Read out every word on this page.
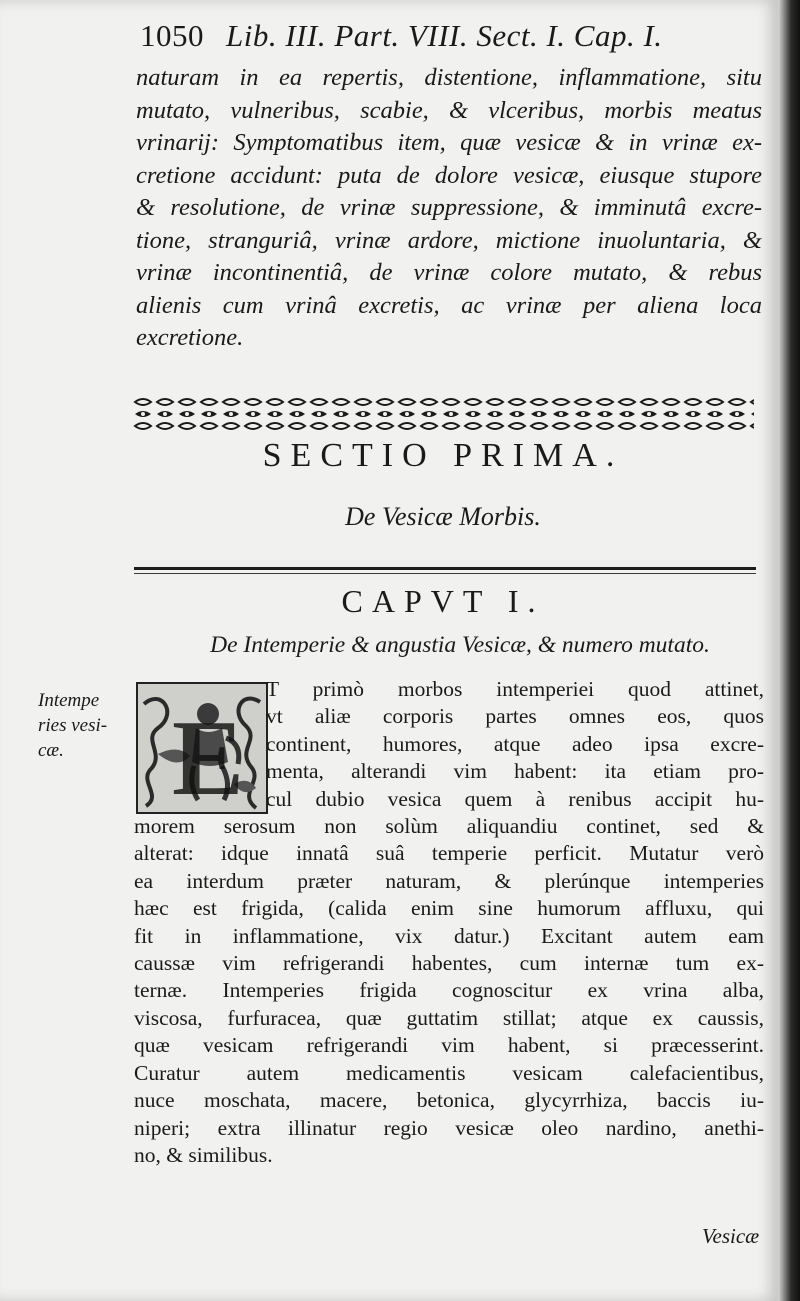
1050 Lib. III. Part. VIII. Sect. I. Cap. I.
naturam in ea repertis, distentione, inflammatione, situ
mutato, vulneribus, scabie, & vlceribus, morbis meatus
vrinarij: Symptomatibus item, quæ vesicæ & in vrinæ ex-
cretione accidunt: puta de dolore vesicæ, eiusque stupore
& resolutione, de vrinæ suppressione, & imminutâ excre-
tione, stranguriâ, vrinæ ardore, mictione inuoluntaria, &
vrinæ incontinentiâ, de vrinæ colore mutato, & rebus
alienis cum vrinâ excretis, ac vrinæ per aliena loca
excretione.
SECTIO PRIMA.
De Vesicæ Morbis.
CAPVT I.
De Intemperie & angustia Vesicæ, & numero mutato.
Intempe
ries vesi-
cæ.	E
T primò morbos intemperiei quod attinet,
vt aliæ corporis partes omnes eos, quos
continent, humores, atque adeo ipsa excre-
menta, alterandi vim habent: ita etiam pro-
cul dubio vesica quem à renibus accipit hu-
morem serosum non solùm aliquandiu continet, sed &
alterat: idque innatâ suâ temperie perficit. Mutatur verò
ea interdum præter naturam, & plerúnque intemperies
hæc est frigida, (calida enim sine humorum affluxu, qui
fit in inflammatione, vix datur.) Excitant autem eam
caussæ vim refrigerandi habentes, cum internæ tum ex-
ternæ. Intemperies frigida cognoscitur ex vrina alba,
viscosa, furfuracea, quæ guttatim stillat; atque ex caussis,
quæ vesicam refrigerandi vim habent, si præcesserint.
Curatur autem medicamentis vesicam calefacientibus,
nuce moschata, macere, betonica, glycyrrhiza, baccis iu-
niperi; extra illinatur regio vesicæ oleo nardino, anethi-
no, & similibus.
Vesicæ
